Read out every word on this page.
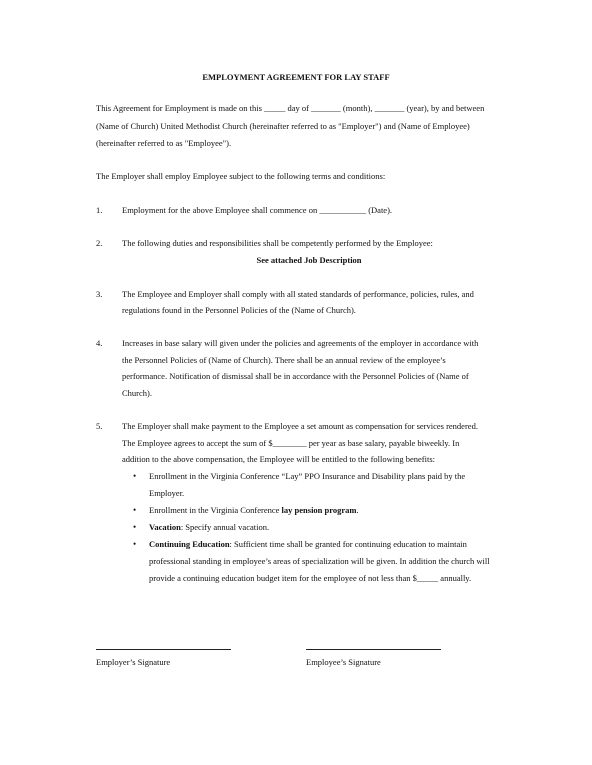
EMPLOYMENT AGREEMENT FOR LAY STAFF
This Agreement for Employment is made on this _____ day of _______ (month), _______ (year), by and between
(Name of Church) United Methodist Church (hereinafter referred to as "Employer") and (Name of Employee)
(hereinafter referred to as "Employee").
The Employer shall employ Employee subject to the following terms and conditions:
1. Employment for the above Employee shall commence on ___________ (Date).
2. The following duties and responsibilities shall be competently performed by the Employee:
See attached Job Description
3. The Employee and Employer shall comply with all stated standards of performance, policies, rules, and
regulations found in the Personnel Policies of the (Name of Church).
4. Increases in base salary will given under the policies and agreements of the employer in accordance with
the Personnel Policies of (Name of Church). There shall be an annual review of the employee’s
performance. Notification of dismissal shall be in accordance with the Personnel Policies of (Name of
Church).
5. The Employer shall make payment to the Employee a set amount as compensation for services rendered.
The Employee agrees to accept the sum of $________ per year as base salary, payable biweekly. In
addition to the above compensation, the Employee will be entitled to the following benefits:
• Enrollment in the Virginia Conference “Lay” PPO Insurance and Disability plans paid by the
Employer.
• Enrollment in the Virginia Conference lay pension program.
• Vacation: Specify annual vacation.
• Continuing Education: Sufficient time shall be granted for continuing education to maintain
professional standing in employee’s areas of specialization will be given. In addition the church will
provide a continuing education budget item for the employee of not less than $_____ annually.
Employer’s Signature	Employee’s Signature
